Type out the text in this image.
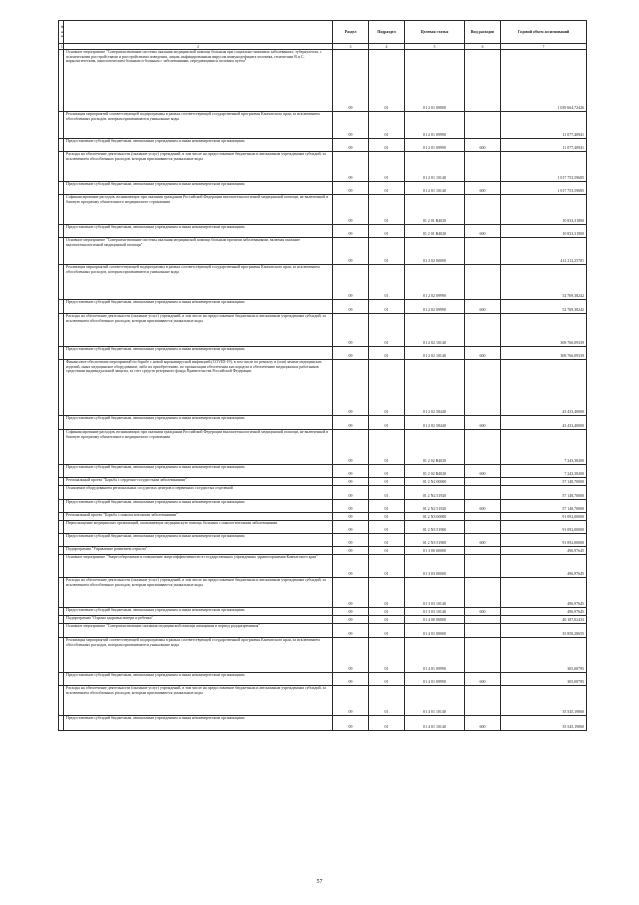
№ п/п		Раздел	Подраздел	Целевая статья	Вид расходов	Годовой объем ассигнований
1	2	3	4	5	6	7
	Основное мероприятие "Совершенствование системы оказания медицинской помощи больным при социально-значимых заболеваниях: туберкулезом, с психическими расстройствами и расстройствами поведения, лицам, инфицированным вирусом иммунодефицита человека, гепатитами В и С, наркологическим, онкологическим больным и больным с заболеваниями, передающимися половым путем"	09	01	01 2 01 00000		1 039 664,72426
	Реализация мероприятий соответствующей подпрограммы в рамках соответствующей государственной программы Камчатского края, за исключением обособленных расходов, которым присваиваются уникальные коды	09	01	01 2 01 09990		11 077,40941
	Предоставление субсидий бюджетным, автономным учреждениям и иным некоммерческим организациям	09	01	01 2 01 09990	600	11 077,40941
	Расходы на обеспечение деятельности (оказание услуг) учреждений, в том числе на предоставление бюджетным и автономным учреждениям субсидий, за исключением обособленных расходов, которым присваиваются уникальные коды	09	01	01 2 01 10140		1 017 753,59685
	Предоставление субсидий бюджетным, автономным учреждениям и иным некоммерческим организациям	09	01	01 2 01 10140	600	1 017 753,59685
	Софинансирование расходов, возникающих при оказании гражданам Российской Федерации высокотехнологичной медицинской помощи, не включенной в базовую программу обязательного медицинского страхования	09	01	01 2 01 R4020		10 833,31800
	Предоставление субсидий бюджетным, автономным учреждениям и иным некоммерческим организациям	09	01	01 2 01 R4020	600	10 833,31800
	Основное мероприятие "Совершенствование системы оказания медицинской помощи больным прочими заболеваниями, включая оказание высокотехнологичной медицинской помощи"	09	01	01 2 02 00000		412 212,25781
	Реализация мероприятий соответствующей подпрограммы в рамках соответствующей государственной программы Камчатского края, за исключением обособленных расходов, которым присваиваются уникальные коды	09	01	01 2 02 09990		52 769,38242
	Предоставление субсидий бюджетным, автономным учреждениям и иным некоммерческим организациям	09	01	01 2 02 09990	600	52 769,38242
	Расходы на обеспечение деятельности (оказание услуг) учреждений, в том числе на предоставление бюджетным и автономным учреждениям субсидий, за исключением обособленных расходов, которым присваиваются уникальные коды	09	01	01 2 02 10140		308 766,09339
	Предоставление субсидий бюджетным, автономным учреждениям и иным некоммерческим организациям	09	01	01 2 02 10140	600	308 766,09339
	Финансовое обеспечение мероприятий по борьбе с новой коронавирусной инфекцией (COVID-19), в том числе по ремонту и (или) замене медицинских изделий, иных медицинское оборудование, либо их приобретению, по организации обеспечения кислородом и обеспечению медицинских работников средствами индивидуальной защиты, за счет средств резервного фонда Правительства Российской Федерации	09	01	01 2 02 58440		43 433,40000
	Предоставление субсидий бюджетным, автономным учреждениям и иным некоммерческим организациям	09	01	01 2 02 58440	600	43 433,40000
	Софинансирование расходов, возникающих при оказании гражданам Российской Федерации высокотехнологичной медицинской помощи, не включенной в базовую программу обязательного медицинского страхования	09	01	01 2 02 R4020		7 243,38200
	Предоставление субсидий бюджетным, автономным учреждениям и иным некоммерческим организациям	09	01	01 2 02 R4020	600	7 243,38200
	Региональный проект "Борьба с сердечно-сосудистыми заболеваниями"	09	01	01 2 N2 00000		57 148,70000
	Оснащение оборудованием региональных сосудистых центров и первичных сосудистых отделений	09	01	01 2 N2 51920		57 148,70000
	Предоставление субсидий бюджетным, автономным учреждениям и иным некоммерческим организациям	09	01	01 2 N2 51920	600	57 148,70000
	Региональный проект "Борьба с онкологическими заболеваниями"	09	01	01 2 N3 00000		91 092,00000
	Переоснащение медицинских организаций, оказывающих медицинскую помощь больным с онкологическими заболеваниями	09	01	01 2 N3 51900		91 092,00000
	Предоставление субсидий бюджетным, автономным учреждениям и иным некоммерческим организациям	09	01	01 2 N3 51900	600	91 092,00000
	Подпрограмма "Управление развитием отрасли"	09	01	01 3 00 00000		496,97645
	Основное мероприятие "Энергосбережение и повышение энергоэффективности в государственных учреждениях здравоохранения Камчатского края"	09	01	01 3 03 00000		496,97645
	Расходы на обеспечение деятельности (оказание услуг) учреждений, в том числе на предоставление бюджетным и автономным учреждениям субсидий, за исключением обособленных расходов, которым присваиваются уникальные коды	09	01	01 3 03 10140		496,97645
	Предоставление субсидий бюджетным, автономным учреждениям и иным некоммерческим организациям	09	01	01 3 03 10140	600	496,97645
	Подпрограмма "Охрана здоровья матери и ребенка"	09	01	01 4 00 00000		40 187,02433
	Основное мероприятие "Совершенствование оказания медицинской помощи женщинам в период родоразрешения"	09	01	01 4 01 00000		35 850,28655
	Реализация мероприятий соответствующей подпрограммы в рамках соответствующей государственной программы Камчатского края, за исключением обособленных расходов, которым присваиваются уникальные коды	09	01	01 4 01 09990		305,08795
	Предоставление субсидий бюджетным, автономным учреждениям и иным некоммерческим организациям	09	01	01 4 01 09990	600	305,08795
	Расходы на обеспечение деятельности (оказание услуг) учреждений, в том числе на предоставление бюджетным и автономным учреждениям субсидий, за исключением обособленных расходов, которым присваиваются уникальные коды	09	01	01 4 01 10140		35 545,19860
	Предоставление субсидий бюджетным, автономным учреждениям и иным некоммерческим организациям	09	01	01 4 01 10140	600	35 545,19860
57
